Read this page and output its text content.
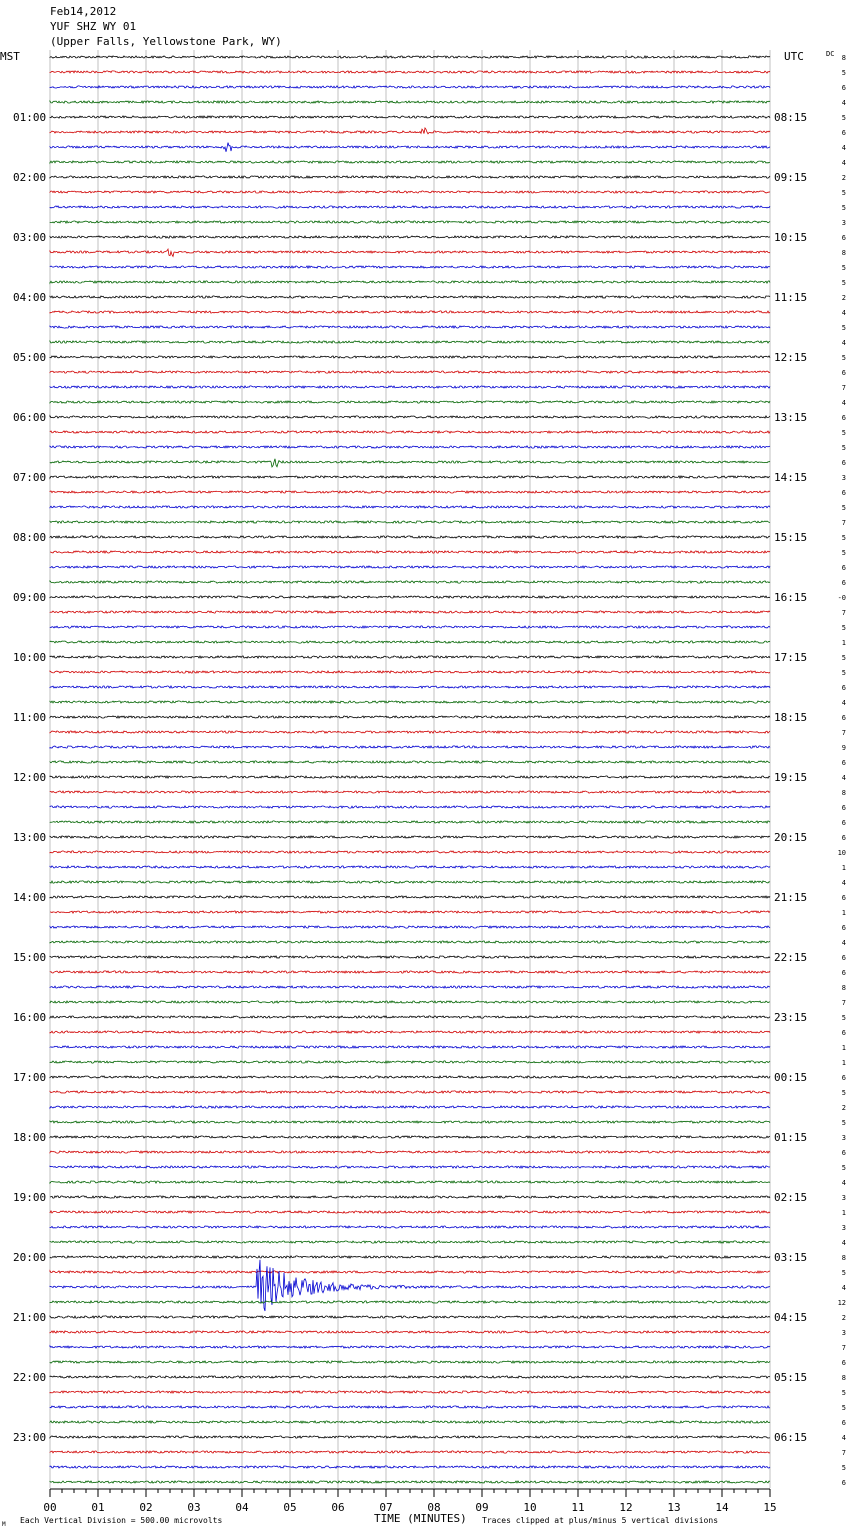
Feb14,2012
YUF SHZ WY 01
(Upper Falls, Yellowstone Park, WY)
MST	UTC	DC
01:00
02:00
03:00
04:00
05:00
06:00
07:00
08:00
09:00
10:00
11:00
12:00
13:00
14:00
15:00
16:00
17:00
18:00
19:00
20:00
21:00
22:00
23:00
08:15
09:15
10:15
11:15
12:15
13:15
14:15
15:15
16:15
17:15
18:15
19:15
20:15
21:15
22:15
23:15
00:15
01:15
02:15
03:15
04:15
05:15
06:15
8
5
6
4
5
6
4
4
2
5
5
3
6
8
5
5
2
4
5
4
5
6
7
4
6
5
5
6
3
6
5
7
5
5
6
6
-0
7
5
1
5
5
6
4
6
7
9
6
4
8
6
6
6
10
1
4
6
1
6
4
6
6
8
7
5
6
1
1
6
5
2
5
3
6
5
4
3
1
3
4
8
5
4
12
2
3
7
6
8
5
5
6
4
7
5
6
00	01	02	03	04	05	06	07	08	09	10	11	12	13	14	15
TIME (MINUTES)
Each Vertical Division = 500.00 microvolts	Traces clipped at plus/minus 5 vertical divisions
M
